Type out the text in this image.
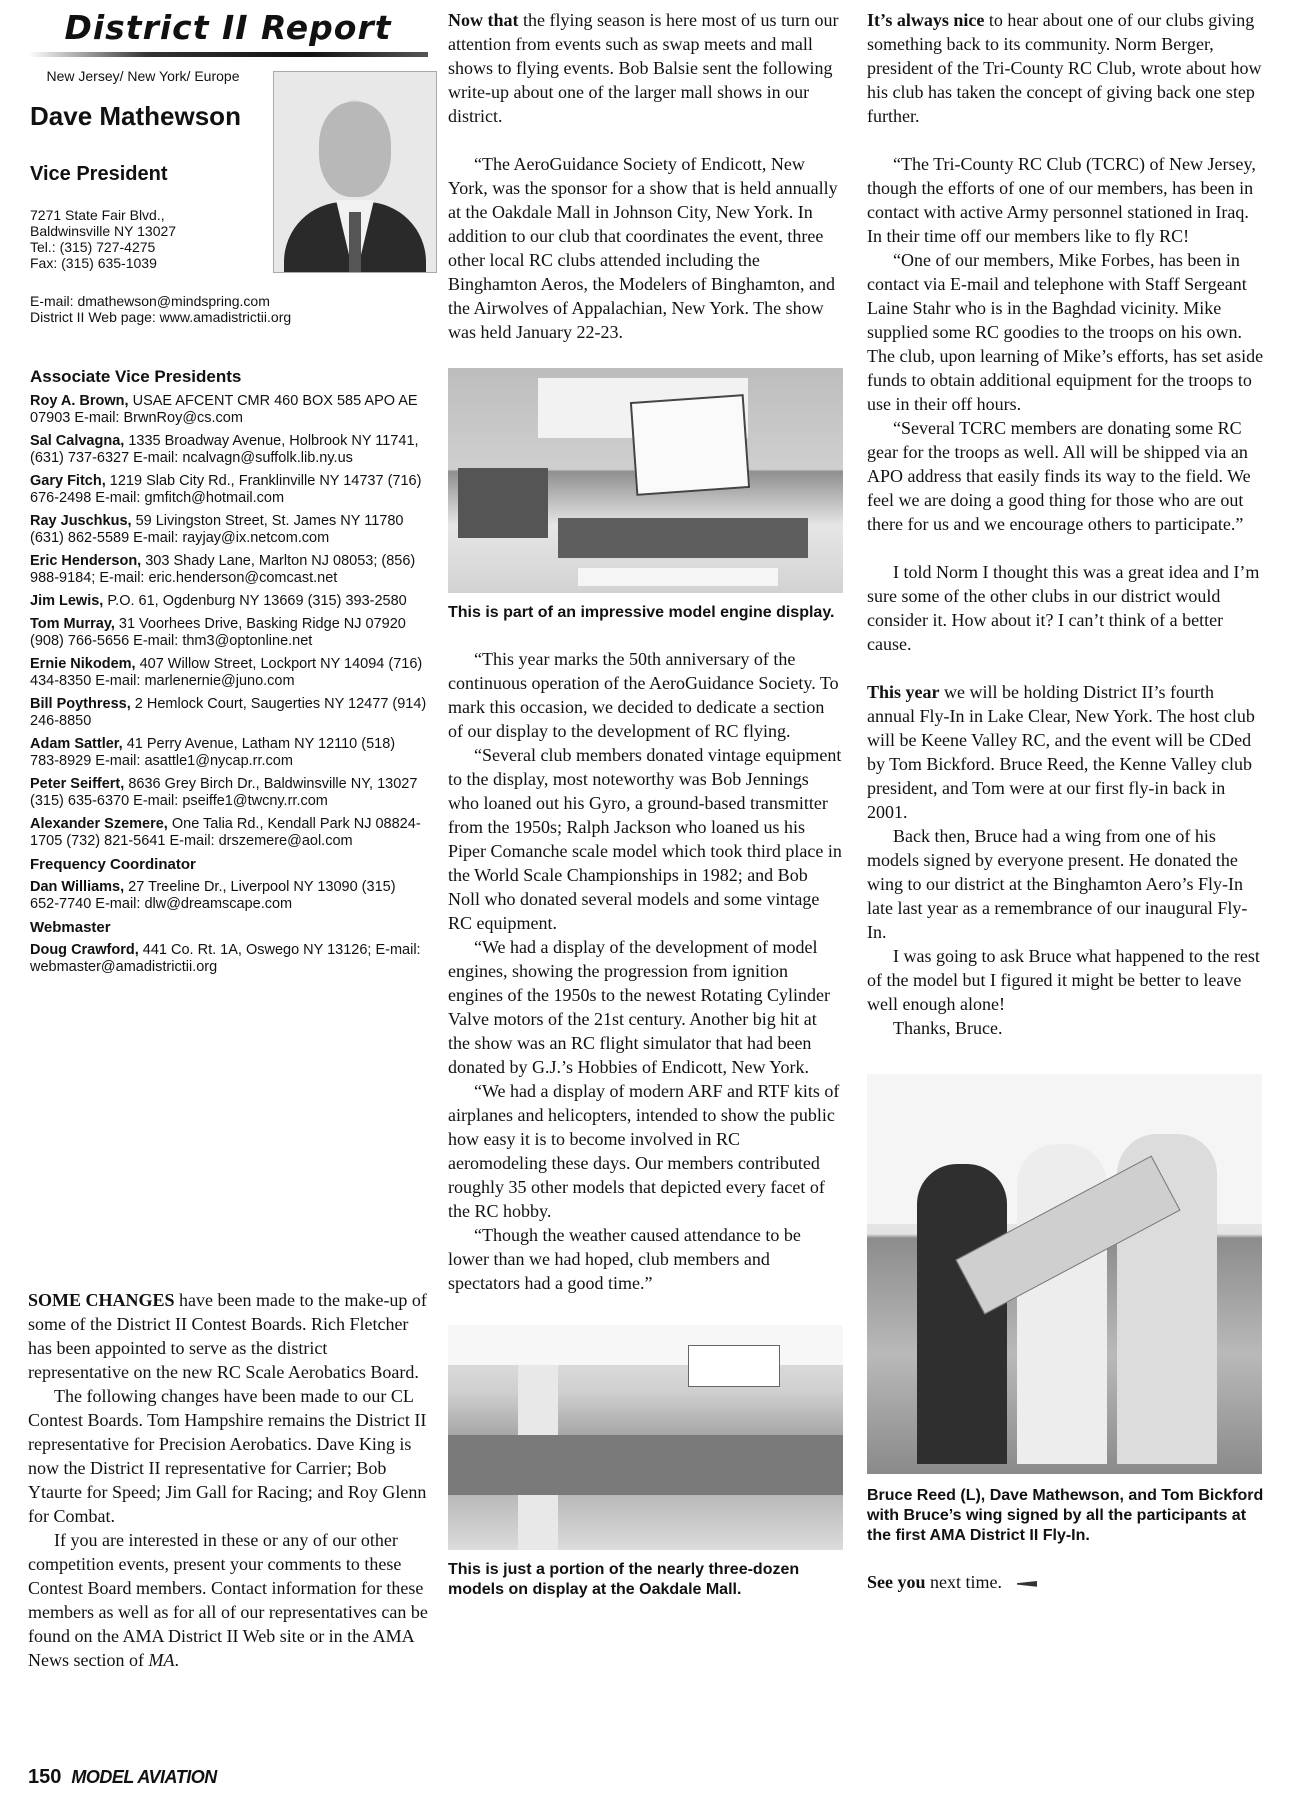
District II Report
New Jersey/ New York/ Europe
Dave Mathewson
Vice President
7271 State Fair Blvd.,
Baldwinsville NY 13027
Tel.: (315) 727-4275
Fax: (315) 635-1039
E-mail: dmathewson@mindspring.com
District II Web page: www.amadistrictii.org
Associate Vice Presidents
Roy A. Brown, USAE AFCENT CMR 460 BOX 585 APO AE 07903 E-mail: BrwnRoy@cs.com
Sal Calvagna, 1335 Broadway Avenue, Holbrook NY 11741, (631) 737-6327 E-mail: ncalvagn@suffolk.lib.ny.us
Gary Fitch, 1219 Slab City Rd., Franklinville NY 14737 (716) 676-2498 E-mail: gmfitch@hotmail.com
Ray Juschkus, 59 Livingston Street, St. James NY 11780 (631) 862-5589 E-mail: rayjay@ix.netcom.com
Eric Henderson, 303 Shady Lane, Marlton NJ 08053; (856) 988-9184; E-mail: eric.henderson@comcast.net
Jim Lewis, P.O. 61, Ogdenburg NY 13669 (315) 393-2580
Tom Murray, 31 Voorhees Drive, Basking Ridge NJ 07920 (908) 766-5656 E-mail: thm3@optonline.net
Ernie Nikodem, 407 Willow Street, Lockport NY 14094 (716) 434-8350 E-mail: marlenernie@juno.com
Bill Poythress, 2 Hemlock Court, Saugerties NY 12477 (914) 246-8850
Adam Sattler, 41 Perry Avenue, Latham NY 12110 (518) 783-8929 E-mail: asattle1@nycap.rr.com
Peter Seiffert, 8636 Grey Birch Dr., Baldwinsville NY, 13027 (315) 635-6370 E-mail: pseiffe1@twcny.rr.com
Alexander Szemere, One Talia Rd., Kendall Park NJ 08824-1705 (732) 821-5641 E-mail: drszemere@aol.com
Frequency Coordinator
Dan Williams, 27 Treeline Dr., Liverpool NY 13090 (315) 652-7740 E-mail: dlw@dreamscape.com
Webmaster
Doug Crawford, 441 Co. Rt. 1A, Oswego NY 13126; E-mail: webmaster@amadistrictii.org

SOME CHANGES have been made to the make-up of some of the District II Contest Boards. Rich Fletcher has been appointed to serve as the district representative on the new RC Scale Aerobatics Board.

The following changes have been made to our CL Contest Boards. Tom Hampshire remains the District II representative for Precision Aerobatics. Dave King is now the District II representative for Carrier; Bob Ytaurte for Speed; Jim Gall for Racing; and Roy Glenn for Combat.

If you are interested in these or any of our other competition events, present your comments to these Contest Board members. Contact information for these members as well as for all of our representatives can be found on the AMA District II Web site or in the AMA News section of MA.

Now that the flying season is here most of us turn our attention from events such as swap meets and mall shows to flying events. Bob Balsie sent the following write-up about one of the larger mall shows in our district.

“The AeroGuidance Society of Endicott, New York, was the sponsor for a show that is held annually at the Oakdale Mall in Johnson City, New York. In addition to our club that coordinates the event, three other local RC clubs attended including the Binghamton Aeros, the Modelers of Binghamton, and the Airwolves of Appalachian, New York. The show was held January 22-23.

This is part of an impressive model engine display.

“This year marks the 50th anniversary of the continuous operation of the AeroGuidance Society. To mark this occasion, we decided to dedicate a section of our display to the development of RC flying.

“Several club members donated vintage equipment to the display, most noteworthy was Bob Jennings who loaned out his Gyro, a ground-based transmitter from the 1950s; Ralph Jackson who loaned us his Piper Comanche scale model which took third place in the World Scale Championships in 1982; and Bob Noll who donated several models and some vintage RC equipment.

“We had a display of the development of model engines, showing the progression from ignition engines of the 1950s to the newest Rotating Cylinder Valve motors of the 21st century. Another big hit at the show was an RC flight simulator that had been donated by G.J.’s Hobbies of Endicott, New York.

“We had a display of modern ARF and RTF kits of airplanes and helicopters, intended to show the public how easy it is to become involved in RC aeromodeling these days. Our members contributed roughly 35 other models that depicted every facet of the RC hobby.

“Though the weather caused attendance to be lower than we had hoped, club members and spectators had a good time.”

This is just a portion of the nearly three-dozen models on display at the Oakdale Mall.

It’s always nice to hear about one of our clubs giving something back to its community. Norm Berger, president of the Tri-County RC Club, wrote about how his club has taken the concept of giving back one step further.

“The Tri-County RC Club (TCRC) of New Jersey, though the efforts of one of our members, has been in contact with active Army personnel stationed in Iraq. In their time off our members like to fly RC!

“One of our members, Mike Forbes, has been in contact via E-mail and telephone with Staff Sergeant Laine Stahr who is in the Baghdad vicinity. Mike supplied some RC goodies to the troops on his own. The club, upon learning of Mike’s efforts, has set aside funds to obtain additional equipment for the troops to use in their off hours.

“Several TCRC members are donating some RC gear for the troops as well. All will be shipped via an APO address that easily finds its way to the field. We feel we are doing a good thing for those who are out there for us and we encourage others to participate.”

I told Norm I thought this was a great idea and I’m sure some of the other clubs in our district would consider it. How about it? I can’t think of a better cause.

This year we will be holding District II’s fourth annual Fly-In in Lake Clear, New York. The host club will be Keene Valley RC, and the event will be CDed by Tom Bickford. Bruce Reed, the Kenne Valley club president, and Tom were at our first fly-in back in 2001.

Back then, Bruce had a wing from one of his models signed by everyone present. He donated the wing to our district at the Binghamton Aero’s Fly-In late last year as a remembrance of our inaugural Fly-In.

I was going to ask Bruce what happened to the rest of the model but I figured it might be better to leave well enough alone!

Thanks, Bruce.

Bruce Reed (L), Dave Mathewson, and Tom Bickford with Bruce’s wing signed by all the participants at the first AMA District II Fly-In.

See you next time.

150 MODEL AVIATION
